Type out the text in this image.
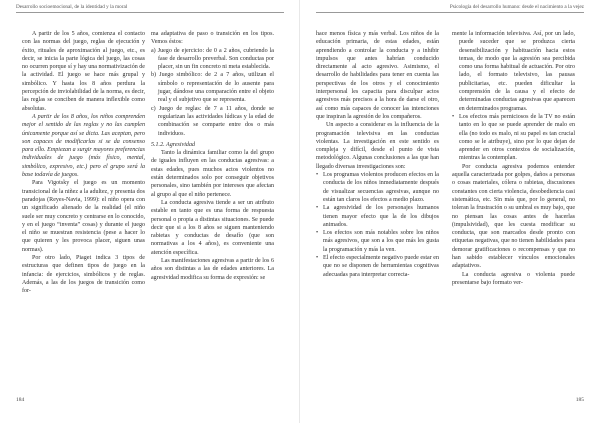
Desarrollo socioemocional, de la identidad y la moral

A partir de los 5 años, comienza el contacto con las normas del juego, reglas de ejecución y éxito, rituales de aproximación al juego, etc., es decir, se inicia la parte lógica del juego, las cosas no ocurren porque sí y hay una normativización de la actividad. El juego se hace más grupal y simbólico. Y hasta los 8 años perdura la percepción de inviolabilidad de la norma, es decir, las reglas se conciben de manera inflexible como absolutas.

A partir de los 8 años, los niños comprenden mejor el sentido de las reglas y no las cumplen únicamente porque así se dicta. Las aceptan, pero son capaces de modificarlas si se da consenso para ello. Empiezan a surgir mayores preferencias individuales de juego (más físico, mental, simbólico, expresivo, etc.) pero el grupo será la base todavía de juegos.

Para Vigotsky el juego es un momento transicional de la niñez a la adultez, y presenta dos paradojas (Reyes-Navia, 1999): el niño opera con un significado alienado de la realidad (el niño suele ser muy concreto y centrarse en lo conocido, y en el juego “inventa” cosas) y durante el juego el niño se muestran resistencia (pese a hacer lo que quieren y les provoca placer, siguen unas normas).

Por otro lado, Piaget indica 3 tipos de estructuras que definen tipos de juego en la infancia: de ejercicios, simbólicos y de reglas. Además, a las de los juegos de transición como for-

ma adaptativa de paso o transición en los tipos. Vemos éstos:

a) Juego de ejercicio: de 0 a 2 años, cubriendo la fase de desarrollo preverbal. Son conductas por placer, sin un fin concreto ni meta establecida.

b) Juego simbólico: de 2 a 7 años, utilizan el símbolo o representación de lo ausente para jugar, dándose una comparación entre el objeto real y el subjetivo que se representa.

c) Juego de reglas: de 7 a 11 años, donde se regularizan las actividades lúdicas y la edad de combinación se comparte entre dos o más individuos.

5.1.2. Agresividad

Tanto la dinámica familiar como la del grupo de iguales influyen en las conductas agresivas: a estas edades, pues muchos actos violentos no están determinados solo por conseguir objetivos personales, sino también por intereses que afectan al grupo al que el niño pertenece.

La conducta agresiva tiende a ser un atributo estable en tanto que es una forma de respuesta personal o propia a distintas situaciones. Se puede decir que si a los 8 años se siguen manteniendo rabietas y conductas de desafío (que son normativas a los 4 años), es conveniente una atención específica.

Las manifestaciones agresivas a partir de los 6 años son distintas a las de edades anteriores. La agresividad modifica su forma de expresión: se

184
Psicología del desarrollo humano: desde el nacimiento a la vejez

hace menos física y más verbal. Los niños de la educación primaria, de estas edades, están aprendiendo a controlar la conducta y a inhibir impulsos que antes habrían conducido directamente al acto agresivo. Asimismo, el desarrollo de habilidades para tener en cuenta las perspectivas de los otros y el conocimiento interpersonal les capacita para disculpar actos agresivos más precisos a la hora de darse el otro, así como más capaces de conocer las intenciones que inspiran la agresión de los compañeros.

Un aspecto a considerar es la influencia de la programación televisiva en las conductas violentas. La investigación en este sentido es compleja y difícil, desde el punto de vista metodológico. Algunas conclusiones a las que han llegado diversas investigaciones son:

• Los programas violentos producen efectos en la conducta de los niños inmediatamente después de visualizar secuencias agresivas, aunque no están tan claros los efectos a medio plazo.

• La agresividad de los personajes humanos tienen mayor efecto que la de los dibujos animados.

• Los efectos son más notables sobre los niños más agresivos, que son a los que más les gusta la programación y más la ven.

• El efecto especialmente negativo puede estar en que no se disponen de herramientas cognitivas adecuadas para interpretar correcta-

mente la información televisiva. Así, por un lado, puede suceder que se produzca cierta desensibilización y habituación hacia estos temas, de modo que la agresión sea percibida como una forma habitual de actuación. Por otro lado, el formato televisivo, las pausas publicitarias, etc. pueden dificultar la comprensión de la causa y el efecto de determinadas conductas agresivas que aparecen en determinados programas.

• Los efectos más perniciosos de la TV no están tanto en lo que se puede aprender de malo en ella (no todo es malo, ni su papel es tan crucial como se le atribuye), sino por lo que dejan de aprender en otros contextos de socialización, mientras la contemplan.

Por conducta agresiva podemos entender aquella caracterizada por golpes, daños a personas o cosas materiales, cólera o rabietas, discusiones constantes con cierta violencia, desobediencia casi sistemática, etc. Sin más que, por lo general, no toleran la frustración o su umbral es muy bajo, que no piensan las cosas antes de hacerlas (impulsividad), que les cuesta modificar su conducta, que son marcados desde pronto con etiquetas negativas, que no tienen habilidades para demorar gratificaciones o recompensas y que no han sabido establecer vínculos emocionales adaptativos.

La conducta agresiva o violenta puede presentarse bajo formato ver-

185
